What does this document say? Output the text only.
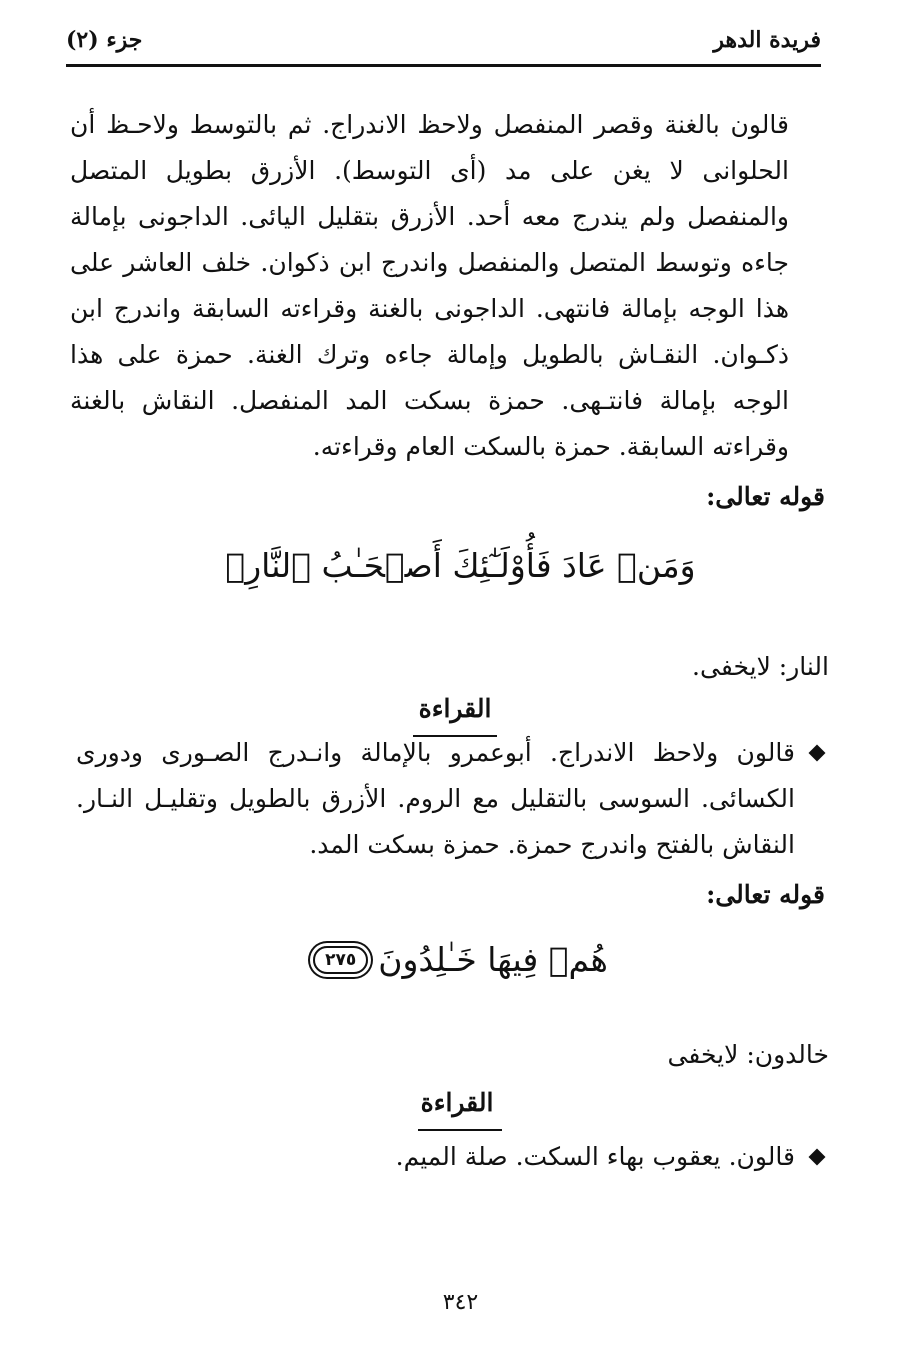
فريدة الدهر
جزء (٢)

قالون بالغنة وقصر المنفصل ولاحظ الاندراج. ثم بالتوسط ولاحـظ أن الحلوانى لا يغن على مد (أى التوسط). الأزرق بطويل المتصل والمنفصل ولم يندرج معه أحد. الأزرق بتقليل اليائى. الداجونى بإمالة جاءه وتوسط المتصل والمنفصل واندرج ابن ذكوان. خلف العاشر على هذا الوجه بإمالة فانتهى. الداجونى بالغنة وقراءته السابقة واندرج ابن ذكـوان. النقـاش بالطويل وإمالة جاءه وترك الغنة. حمزة على هذا الوجه بإمالة فانتـهى. حمزة بسكت المد المنفصل. النقاش بالغنة وقراءته السابقة. حمزة بالسكت العام وقراءته.

قوله تعالى:
وَمَنۡ عَادَ فَأُوْلَـٰٓئِكَ أَصۡحَـٰبُ ٱلنَّارِۖ
النار: لايخفى.
القراءة
قالون ولاحظ الاندراج. أبوعمرو بالإمالة وانـدرج الصـورى ودورى الكسائى. السوسى بالتقليل مع الروم. الأزرق بالطويل وتقليـل النـار. النقاش بالفتح واندرج حمزة. حمزة بسكت المد.
قوله تعالى:
هُمۡ فِيهَا خَـٰلِدُونَ
٢٧٥
خالدون: لايخفى
القراءة
قالون. يعقوب بهاء السكت. صلة الميم.
٣٤٢
